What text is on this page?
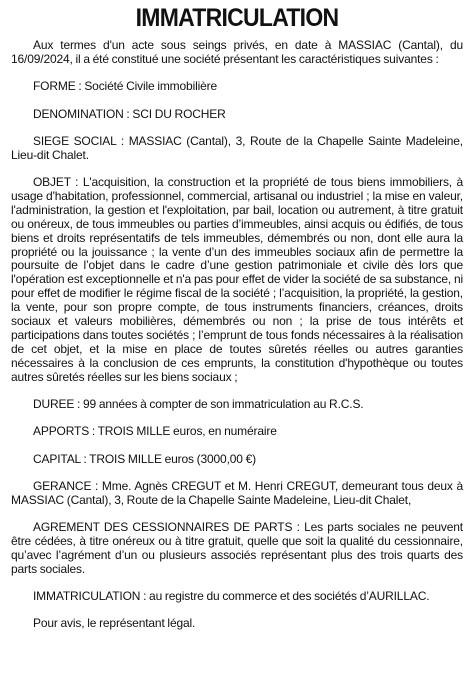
IMMATRICULATION

Aux termes d'un acte sous seings privés, en date à MASSIAC (Cantal), du 16/09/2024, il a été constitué une société présentant les caractéristiques suivantes :

FORME : Société Civile immobilière

DENOMINATION : SCI DU ROCHER

SIEGE SOCIAL : MASSIAC (Cantal), 3, Route de la Chapelle Sainte Madeleine, Lieu-dit Chalet.

OBJET : L'acquisition, la construction et la propriété de tous biens immobiliers, à usage d'habitation, professionnel, commercial, artisanal ou industriel ; la mise en valeur, l'administration, la gestion et l'exploitation, par bail, location ou autrement, à titre gratuit ou onéreux, de tous immeubles ou parties d’immeubles, ainsi acquis ou édifiés, de tous biens et droits représentatifs de tels immeubles, démembrés ou non, dont elle aura la propriété ou la jouissance ; la vente d’un des immeubles sociaux afin de permettre la poursuite de l’objet dans le cadre d’une gestion patrimoniale et civile dès lors que l'opération est exceptionnelle et n'a pas pour effet de vider la société de sa substance, ni pour effet de modifier le régime fiscal de la société ; l’acquisition, la propriété, la gestion, la vente, pour son propre compte, de tous instruments financiers, créances, droits sociaux et valeurs mobilières, démembrés ou non ; la prise de tous intérêts et participations dans toutes sociétés ; l’emprunt de tous fonds nécessaires à la réalisation de cet objet, et la mise en place de toutes sûretés réelles ou autres garanties nécessaires à la conclusion de ces emprunts, la constitution d'hypothèque ou toutes autres sûretés réelles sur les biens sociaux ;

DUREE : 99 années à compter de son immatriculation au R.C.S.

APPORTS : TROIS MILLE euros, en numéraire

CAPITAL : TROIS MILLE euros (3000,00 €)

GERANCE : Mme. Agnès CREGUT et M. Henri CREGUT, demeurant tous deux à MASSIAC (Cantal), 3, Route de la Chapelle Sainte Madeleine, Lieu-dit Chalet,

AGREMENT DES CESSIONNAIRES DE PARTS : Les parts sociales ne peuvent être cédées, à titre onéreux ou à titre gratuit, quelle que soit la qualité du cessionnaire, qu’avec l’agrément d’un ou plusieurs associés représentant plus des trois quarts des parts sociales.

IMMATRICULATION : au registre du commerce et des sociétés d’AURILLAC.

Pour avis, le représentant légal.
